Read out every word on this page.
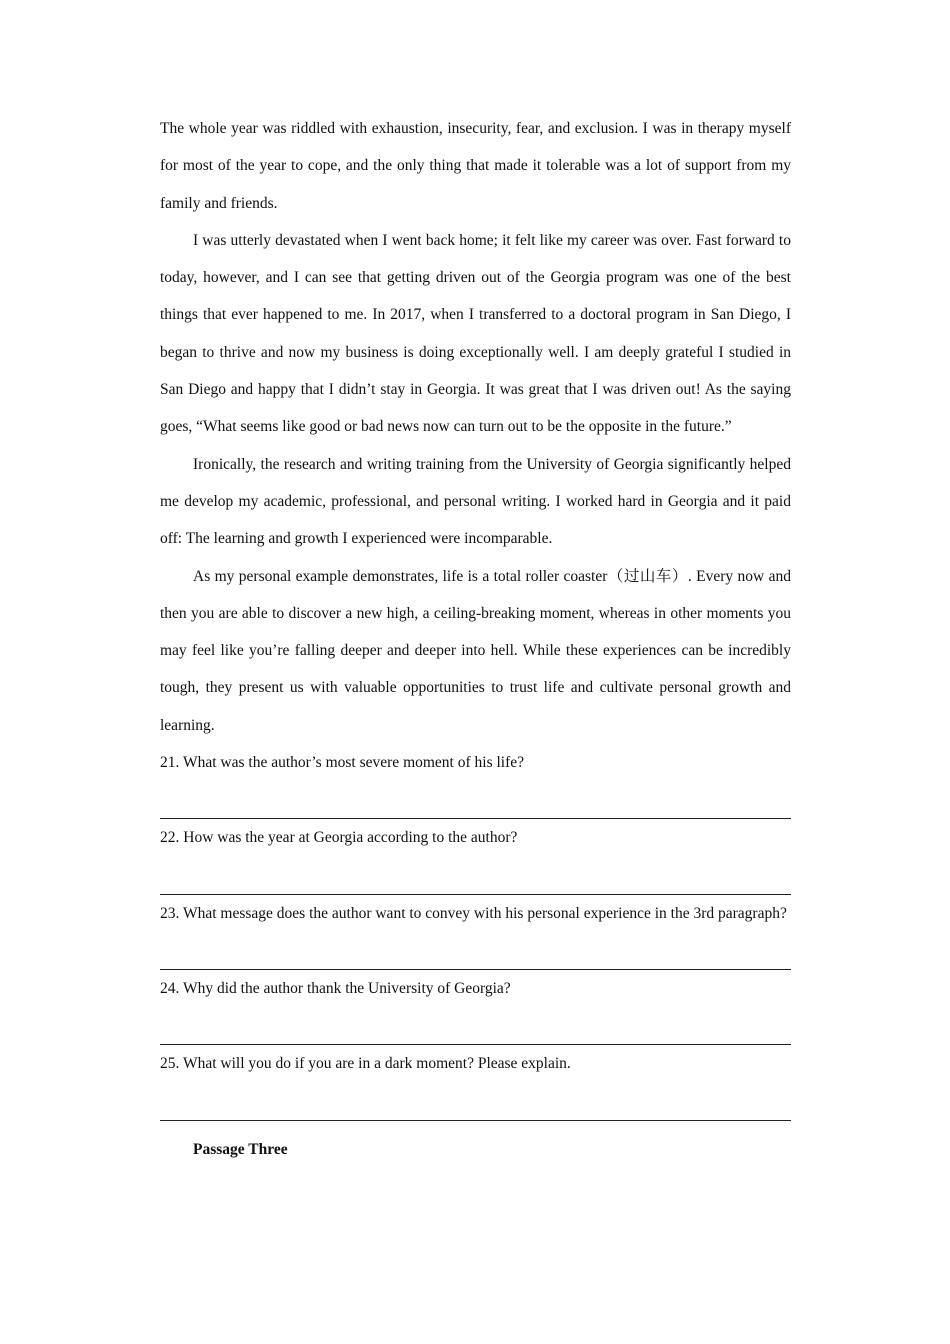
The whole year was riddled with exhaustion, insecurity, fear, and exclusion. I was in therapy myself for most of the year to cope, and the only thing that made it tolerable was a lot of support from my family and friends.

I was utterly devastated when I went back home; it felt like my career was over. Fast forward to today, however, and I can see that getting driven out of the Georgia program was one of the best things that ever happened to me. In 2017, when I transferred to a doctoral program in San Diego, I began to thrive and now my business is doing exceptionally well. I am deeply grateful I studied in San Diego and happy that I didn’t stay in Georgia. It was great that I was driven out! As the saying goes, “What seems like good or bad news now can turn out to be the opposite in the future.”

Ironically, the research and writing training from the University of Georgia significantly helped me develop my academic, professional, and personal writing. I worked hard in Georgia and it paid off: The learning and growth I experienced were incomparable.

As my personal example demonstrates, life is a total roller coaster（过山车）. Every now and then you are able to discover a new high, a ceiling-breaking moment, whereas in other moments you may feel like you’re falling deeper and deeper into hell. While these experiences can be incredibly tough, they present us with valuable opportunities to trust life and cultivate personal growth and learning.

21. What was the author’s most severe moment of his life?

22. How was the year at Georgia according to the author?

23. What message does the author want to convey with his personal experience in the 3rd paragraph?

24. Why did the author thank the University of Georgia?

25. What will you do if you are in a dark moment? Please explain.

Passage Three
